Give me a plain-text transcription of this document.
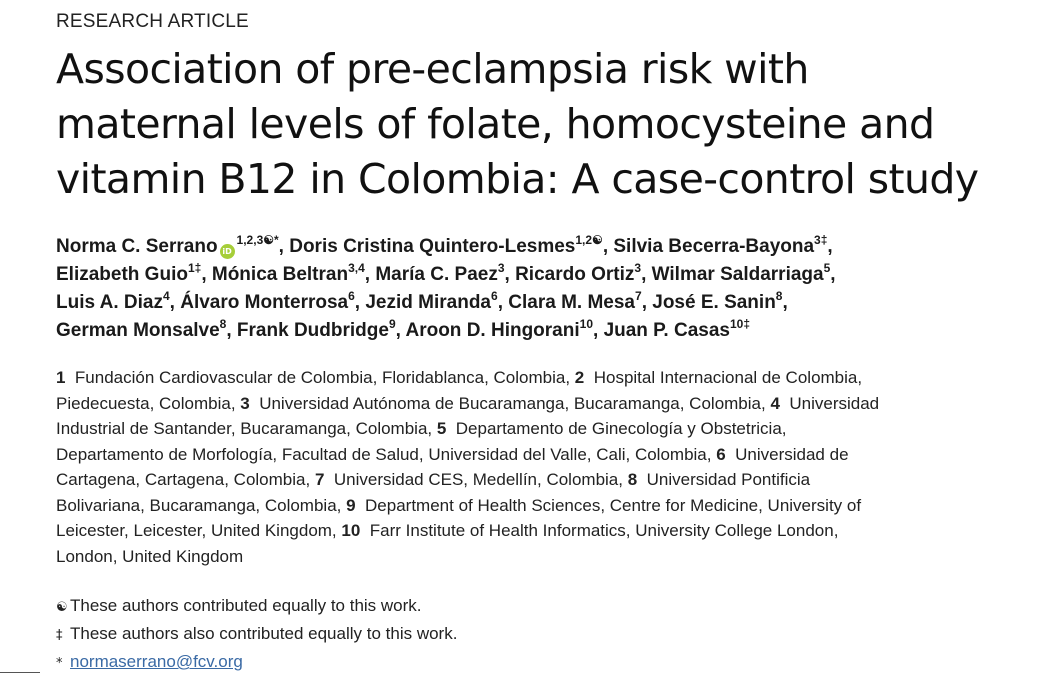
RESEARCH ARTICLE
Association of pre-eclampsia risk with
maternal levels of folate, homocysteine and
vitamin B12 in Colombia: A case-control study
Norma C. Serrano $iD^{1,2,3☯*}$, Doris Cristina Quintero-Lesmes$^{1,2☯}$, Silvia Becerra-Bayona$^{3\ddagger}$,
Elizabeth Guio$^{1\ddagger}$, Mónica Beltran$^{3,4}$, María C. Paez$^3$, Ricardo Ortiz$^3$, Wilmar Saldarriaga$^5$,
Luis A. Diaz$^4$, Álvaro Monterrosa$^6$, Jezid Miranda$^6$, Clara M. Mesa$^7$, José E. Sanin$^8$,
German Monsalve$^8$, Frank Dudbridge$^9$, Aroon D. Hingorani$^{10}$, Juan P. Casas$^{10\ddagger}$
1 Fundación Cardiovascular de Colombia, Floridablanca, Colombia, 2 Hospital Internacional de Colombia,
Piedecuesta, Colombia, 3 Universidad Autónoma de Bucaramanga, Bucaramanga, Colombia, 4 Universidad
Industrial de Santander, Bucaramanga, Colombia, 5 Departamento de Ginecología y Obstetricia,
Departamento de Morfología, Facultad de Salud, Universidad del Valle, Cali, Colombia, 6 Universidad de
Cartagena, Cartagena, Colombia, 7 Universidad CES, Medellín, Colombia, 8 Universidad Pontificia
Bolivariana, Bucaramanga, Colombia, 9 Department of Health Sciences, Centre for Medicine, University of
Leicester, Leicester, United Kingdom, 10 Farr Institute of Health Informatics, University College London,
London, United Kingdom
☯ These authors contributed equally to this work.
‡ These authors also contributed equally to this work.
* normaserrano@fcv.org
